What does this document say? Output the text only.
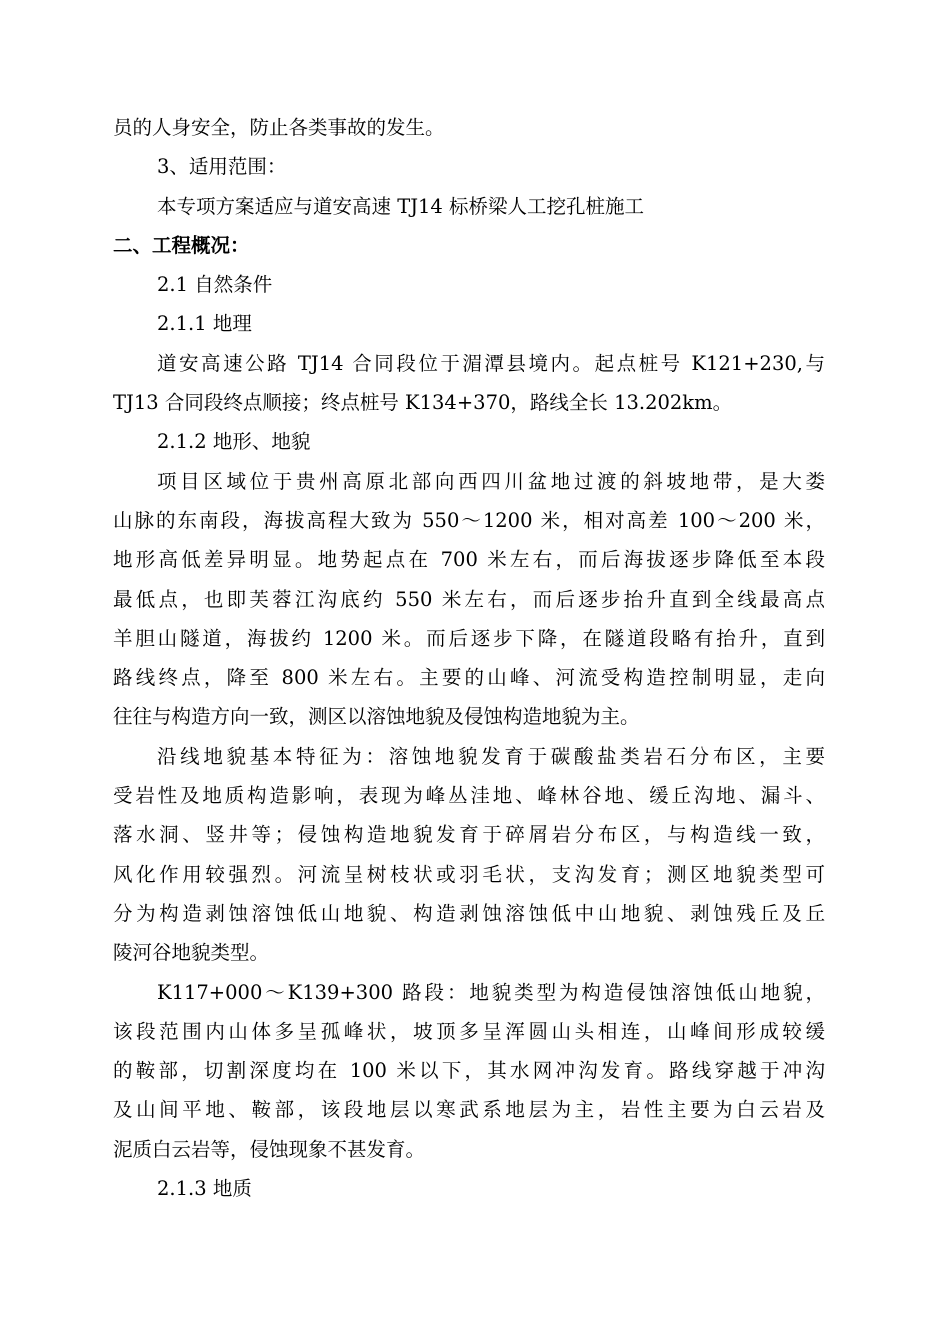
员的人身安全，防止各类事故的发生。
3、适用范围：
本专项方案适应与道安高速 TJ14 标桥梁人工挖孔桩施工
二、工程概况：
2.1 自然条件
2.1.1 地理
道安高速公路 TJ14 合同段位于湄潭县境内。起点桩号 K121+230,与
TJ13 合同段终点顺接；终点桩号 K134+370，路线全长 13.202km。
2.1.2 地形、地貌
项目区域位于贵州高原北部向西四川盆地过渡的斜坡地带，是大娄
山脉的东南段，海拔高程大致为 550～1200 米，相对高差 100～200 米，
地形高低差异明显。地势起点在 700 米左右，而后海拔逐步降低至本段
最低点，也即芙蓉江沟底约 550 米左右，而后逐步抬升直到全线最高点
羊胆山隧道，海拔约 1200 米。而后逐步下降，在隧道段略有抬升，直到
路线终点，降至 800 米左右。主要的山峰、河流受构造控制明显，走向
往往与构造方向一致，测区以溶蚀地貌及侵蚀构造地貌为主。
沿线地貌基本特征为：溶蚀地貌发育于碳酸盐类岩石分布区，主要
受岩性及地质构造影响，表现为峰丛洼地、峰林谷地、缓丘沟地、漏斗、
落水洞、竖井等；侵蚀构造地貌发育于碎屑岩分布区，与构造线一致，
风化作用较强烈。河流呈树枝状或羽毛状，支沟发育；测区地貌类型可
分为构造剥蚀溶蚀低山地貌、构造剥蚀溶蚀低中山地貌、剥蚀残丘及丘
陵河谷地貌类型。
K117+000～K139+300 路段：地貌类型为构造侵蚀溶蚀低山地貌，
该段范围内山体多呈孤峰状，坡顶多呈浑圆山头相连，山峰间形成较缓
的鞍部，切割深度均在 100 米以下，其水网冲沟发育。路线穿越于冲沟
及山间平地、鞍部，该段地层以寒武系地层为主，岩性主要为白云岩及
泥质白云岩等，侵蚀现象不甚发育。
2.1.3 地质
